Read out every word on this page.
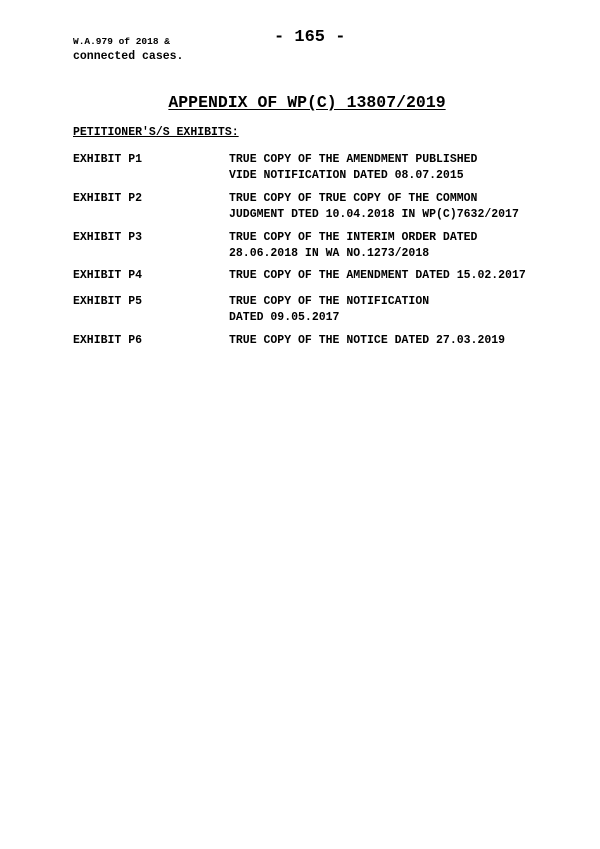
W.A.979 of 2018 &
connected cases.
- 165 -
APPENDIX OF WP(C) 13807/2019
PETITIONER'S/S EXHIBITS:
EXHIBIT P1	TRUE COPY OF THE AMENDMENT PUBLISHED
VIDE NOTIFICATION DATED 08.07.2015
EXHIBIT P2	TRUE COPY OF TRUE COPY OF THE COMMON
JUDGMENT DTED 10.04.2018 IN WP(C)7632/2017
EXHIBIT P3	TRUE COPY OF THE INTERIM ORDER DATED
28.06.2018 IN WA NO.1273/2018
EXHIBIT P4	TRUE COPY OF THE AMENDMENT DATED 15.02.2017
EXHIBIT P5	TRUE COPY OF THE NOTIFICATION
DATED 09.05.2017
EXHIBIT P6	TRUE COPY OF THE NOTICE DATED 27.03.2019
